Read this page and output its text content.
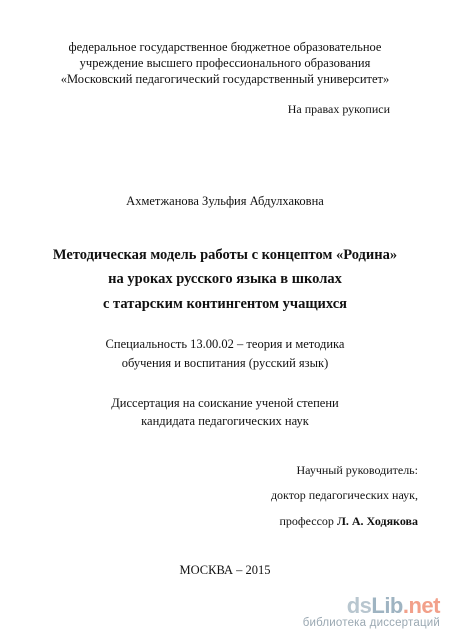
федеральное государственное бюджетное образовательное
учреждение высшего профессионального образования
«Московский педагогический государственный университет»
На правах рукописи
Ахметжанова Зульфия Абдулхаковна
Методическая модель работы с концептом «Родина»
на уроках русского языка в школах
с татарским контингентом учащихся
Специальность 13.00.02 – теория и методика
обучения и воспитания (русский язык)
Диссертация на соискание ученой степени
кандидата педагогических наук
Научный руководитель:
доктор педагогических наук,
профессор Л. А. Ходякова
МОСКВА – 2015
dsLib.net
библиотека диссертаций
